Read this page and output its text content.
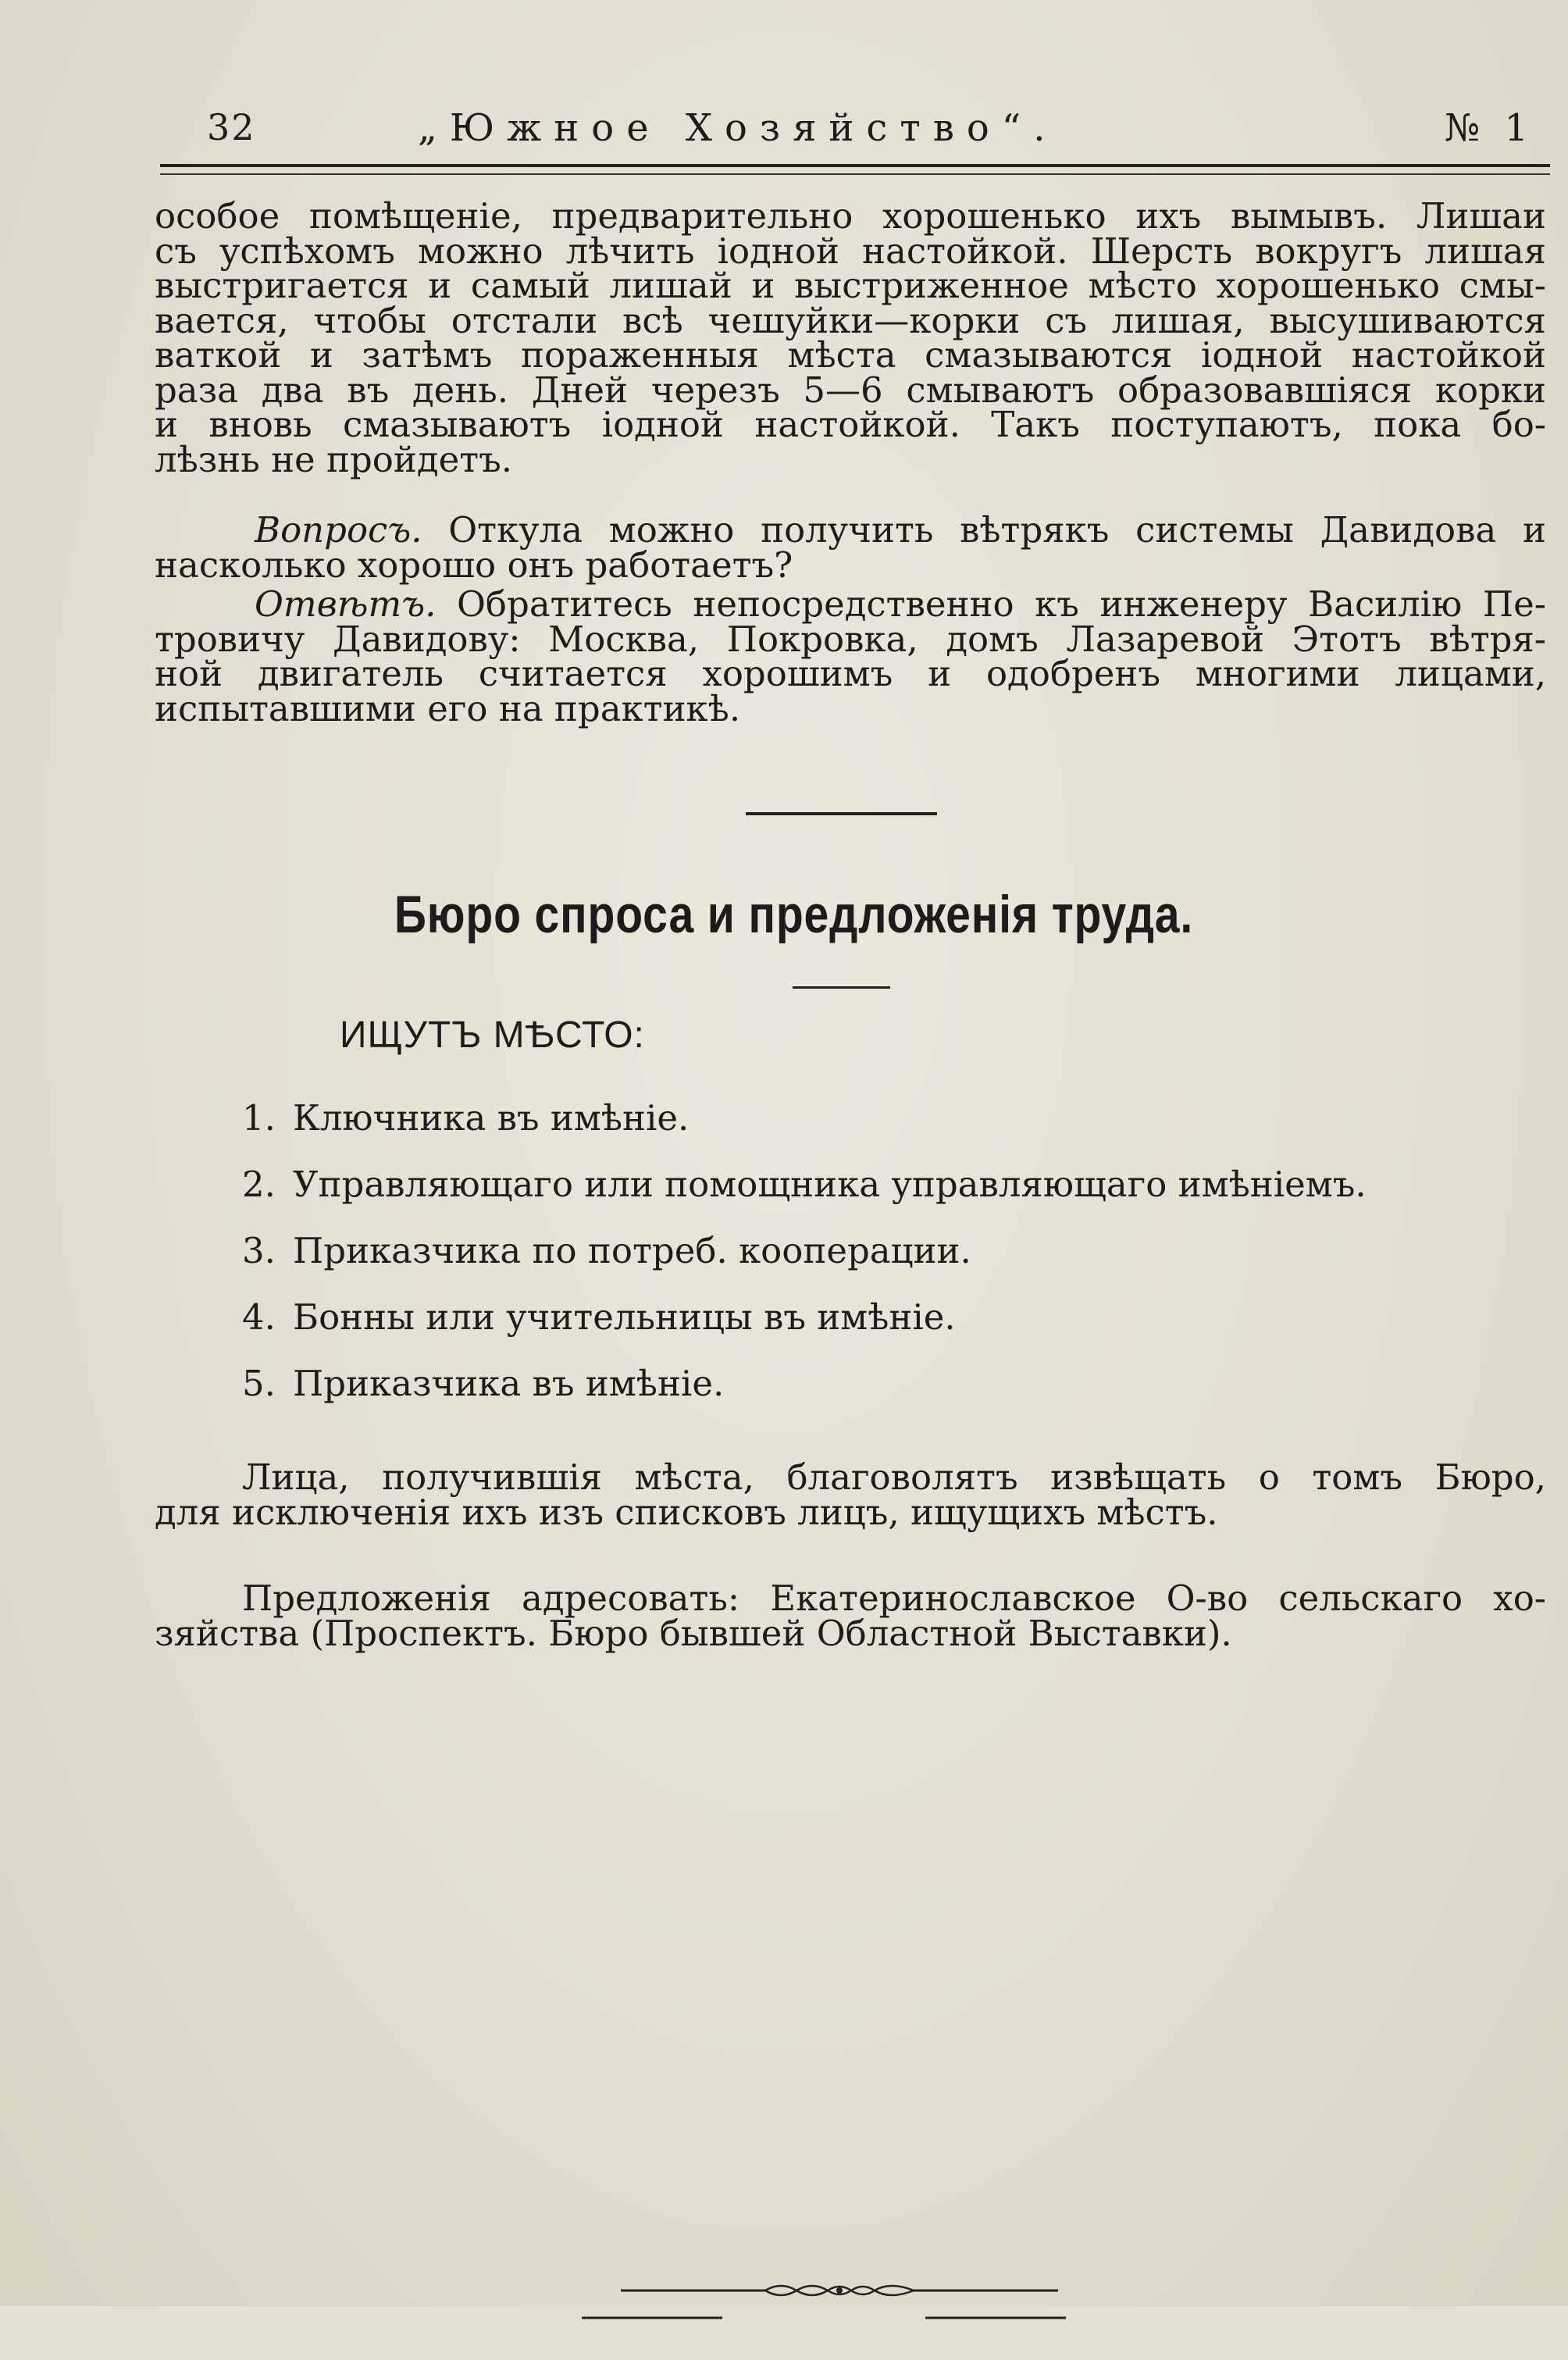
32	„Южное Хозяйство“.	№ 1
особое помѣщеніе, предварительно хорошенько ихъ вымывъ. Лишаи
съ успѣхомъ можно лѣчить іодной настойкой. Шерсть вокругъ лишая
выстригается и самый лишай и выстриженное мѣсто хорошенько смы-
вается, чтобы отстали всѣ чешуйки—корки съ лишая, высушиваются
ваткой и затѣмъ пораженныя мѣста смазываются іодной настойкой
раза два въ день. Дней черезъ 5—6 смываютъ образовавшіяся корки
и вновь смазываютъ іодной настойкой. Такъ поступаютъ, пока бо-
лѣзнь не пройдетъ.
Вопросъ. Откула можно получить вѣтрякъ системы Давидова и
насколько хорошо онъ работаетъ?
Отвѣтъ. Обратитесь непосредственно къ инженеру Василію Пе-
тровичу Давидову: Москва, Покровка, домъ Лазаревой Этотъ вѣтря-
ной двигатель считается хорошимъ и одобренъ многими лицами,
испытавшими его на практикѣ.
Бюро спроса и предложенія труда.
ИЩУТЪ МѢСТО:
1. Ключника въ имѣніе.
2. Управляющаго или помощника управляющаго имѣніемъ.
3. Приказчика по потреб. кооперации.
4. Бонны или учительницы въ имѣніе.
5. Приказчика въ имѣніе.
Лица, получившія мѣста, благоволятъ извѣщать о томъ Бюро,
для исключенія ихъ изъ списковъ лицъ, ищущихъ мѣстъ.
Предложенія адресовать: Екатеринославское О-во сельскаго хо-
зяйства (Проспектъ. Бюро бывшей Областной Выставки).
